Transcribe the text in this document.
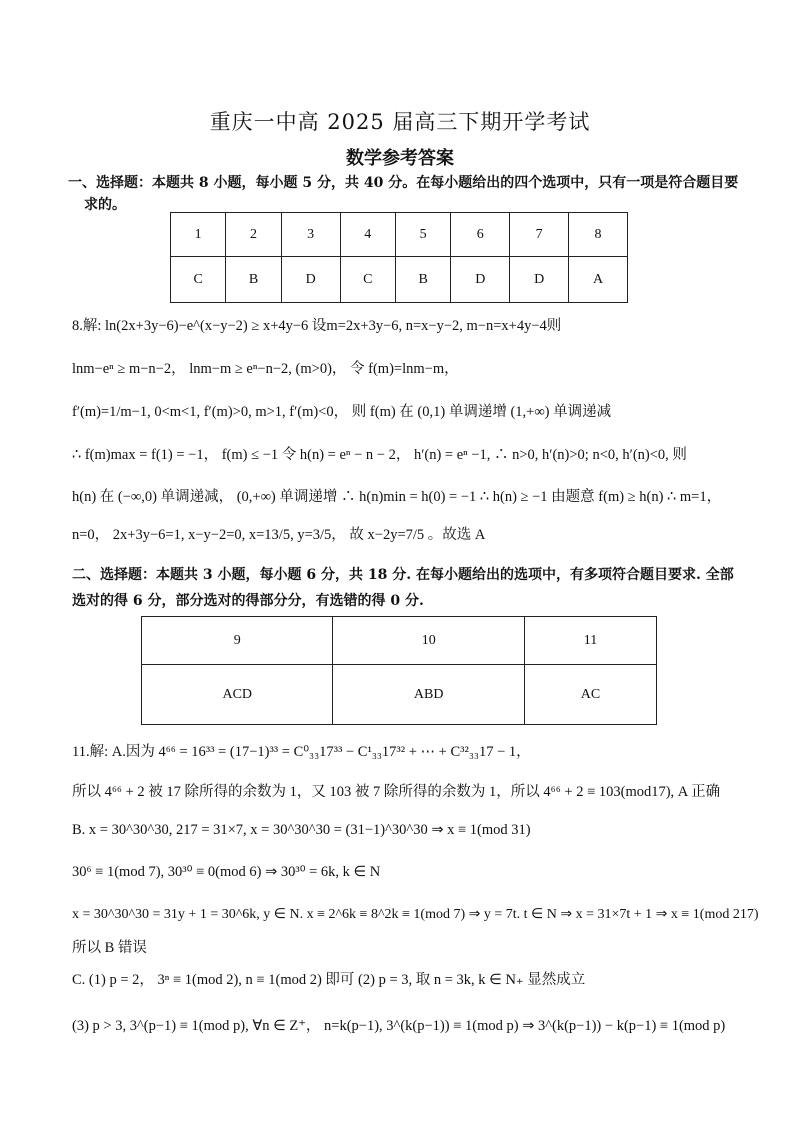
重庆一中高 2025 届高三下期开学考试
数学参考答案
一、选择题：本题共 8 小题，每小题 5 分，共 40 分。在每小题给出的四个选项中，只有一项是符合题目要
求的。
1	2	3	4	5	6	7	8
C	B	D	C	B	D	D	A
8.解: ln(2x+3y−6)−e^(x−y−2) ≥ x+4y−6 设m=2x+3y−6, n=x−y−2, m−n=x+4y−4则
lnm−eⁿ ≥ m−n−2， lnm−m ≥ eⁿ−n−2, (m>0)， 令 f(m)=lnm−m，
f′(m)=1/m−1, 0<m<1, f′(m)>0, m>1, f′(m)<0， 则 f(m) 在 (0,1) 单调递增 (1,+∞) 单调递减
∴ f(m)max = f(1) = −1， f(m) ≤ −1 令 h(n) = eⁿ − n − 2， h′(n) = eⁿ −1, ∴ n>0, h′(n)>0; n<0, h′(n)<0, 则
h(n) 在 (−∞,0) 单调递减， (0,+∞) 单调递增 ∴ h(n)min = h(0) = −1 ∴ h(n) ≥ −1 由题意 f(m) ≥ h(n) ∴ m=1，
n=0， 2x+3y−6=1, x−y−2=0, x=13/5, y=3/5， 故 x−2y=7/5 。故选 A
二、选择题：本题共 3 小题，每小题 6 分，共 18 分. 在每小题给出的选项中，有多项符合题目要求. 全部
选对的得 6 分，部分选对的得部分分，有选错的得 0 分.
9	10	11
ACD	ABD	AC
11.解: A.因为 4⁶⁶ = 16³³ = (17−1)³³ = C⁰₃₃17³³ − C¹₃₃17³² + ⋯ + C³²₃₃17 − 1，
所以 4⁶⁶ + 2 被 17 除所得的余数为 1，又 103 被 7 除所得的余数为 1，所以 4⁶⁶ + 2 ≡ 103(mod17), A 正确
B. x = 30^30^30, 217 = 31×7, x = 30^30^30 = (31−1)^30^30 ⇒ x ≡ 1(mod 31)
30⁶ ≡ 1(mod 7), 30³⁰ ≡ 0(mod 6) ⇒ 30³⁰ = 6k, k ∈ N
x = 30^30^30 = 31y + 1 = 30^6k, y ∈ N. x ≡ 2^6k ≡ 8^2k ≡ 1(mod 7) ⇒ y = 7t. t ∈ N ⇒ x = 31×7t + 1 ⇒ x ≡ 1(mod 217)
所以 B 错误
C. (1) p = 2， 3ⁿ ≡ 1(mod 2), n ≡ 1(mod 2) 即可 (2) p = 3, 取 n = 3k, k ∈ N₊ 显然成立
(3) p > 3, 3^(p−1) ≡ 1(mod p), ∀n ∈ Z⁺， n=k(p−1), 3^(k(p−1)) ≡ 1(mod p) ⇒ 3^(k(p−1)) − k(p−1) ≡ 1(mod p)
